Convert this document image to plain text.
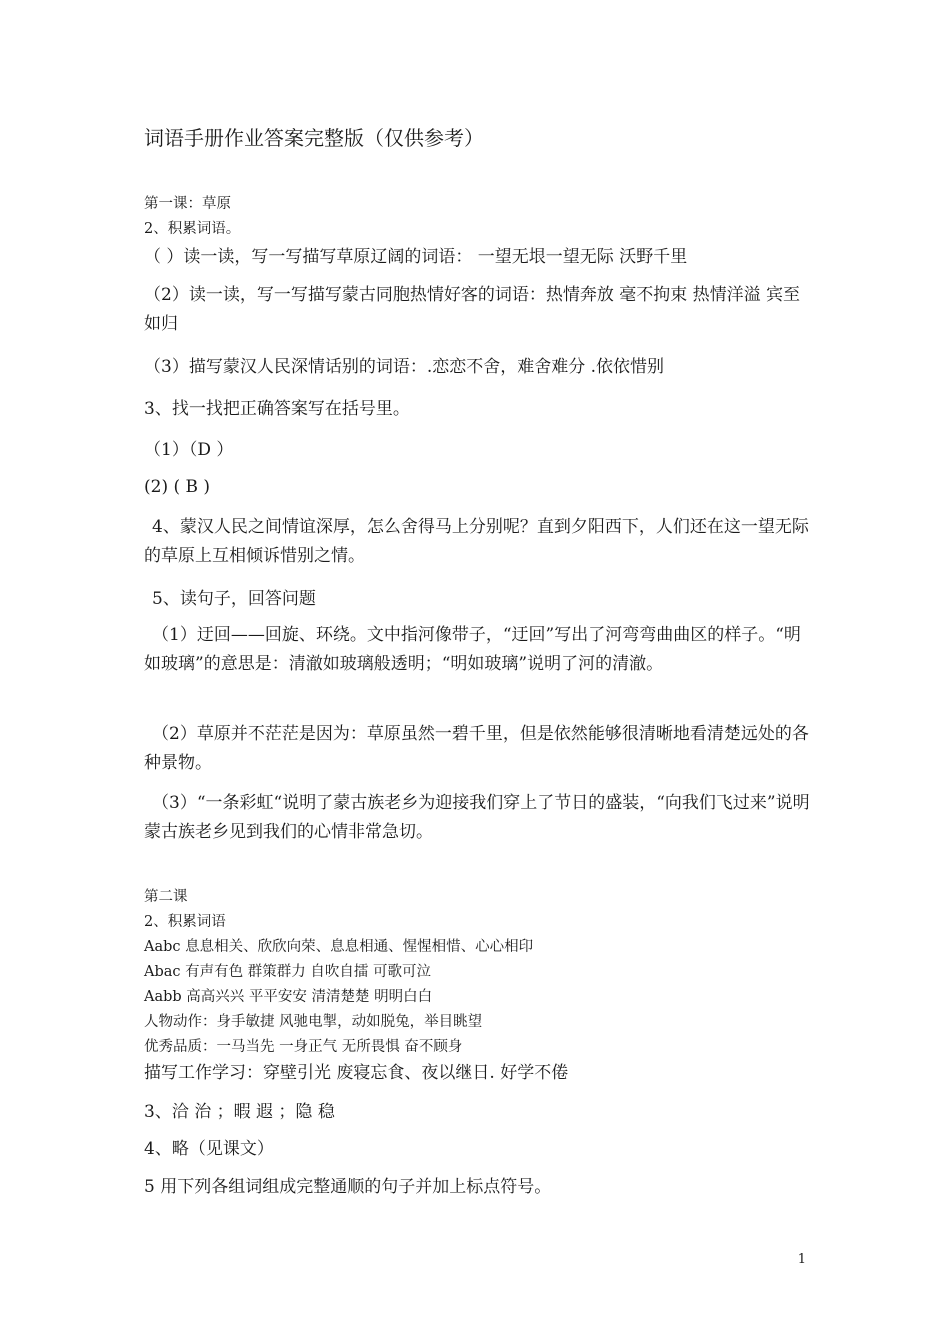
词语手册作业答案完整版（仅供参考）
第一课：草原
2、积累词语。
（ ）读一读，写一写描写草原辽阔的词语： 一望无垠一望无际 沃野千里
（2）读一读，写一写描写蒙古同胞热情好客的词语：热情奔放 毫不拘束 热情洋溢 宾至如归
（3）描写蒙汉人民深情话别的词语：.恋恋不舍，难舍难分 .依依惜别
3、找一找把正确答案写在括号里。
（1）（D ）
(2) ( B )
4、蒙汉人民之间情谊深厚，怎么舍得马上分别呢？直到夕阳西下，人们还在这一望无际的草原上互相倾诉惜别之情。
5、读句子，回答问题
（1）迂回——回旋、环绕。文中指河像带子，“迂回”写出了河弯弯曲曲区的样子。“明如玻璃”的意思是：清澈如玻璃般透明；“明如玻璃”说明了河的清澈。
（2）草原并不茫茫是因为：草原虽然一碧千里，但是依然能够很清晰地看清楚远处的各种景物。
（3）“一条彩虹“说明了蒙古族老乡为迎接我们穿上了节日的盛装，“向我们飞过来”说明蒙古族老乡见到我们的心情非常急切。
第二课
2、积累词语
Aabc 息息相关、欣欣向荣、息息相通、惺惺相惜、心心相印
Abac 有声有色 群策群力 自吹自擂 可歌可泣
Aabb 高高兴兴 平平安安 清清楚楚 明明白白
人物动作：身手敏捷 风驰电掣，动如脱兔，举目眺望
优秀品质：一马当先 一身正气 无所畏惧 奋不顾身
描写工作学习：穿壁引光 废寝忘食、夜以继日. 好学不倦
3、洽 治 ；暇 遐 ；隐 稳
4、略（见课文）
5 用下列各组词组成完整通顺的句子并加上标点符号。
1
